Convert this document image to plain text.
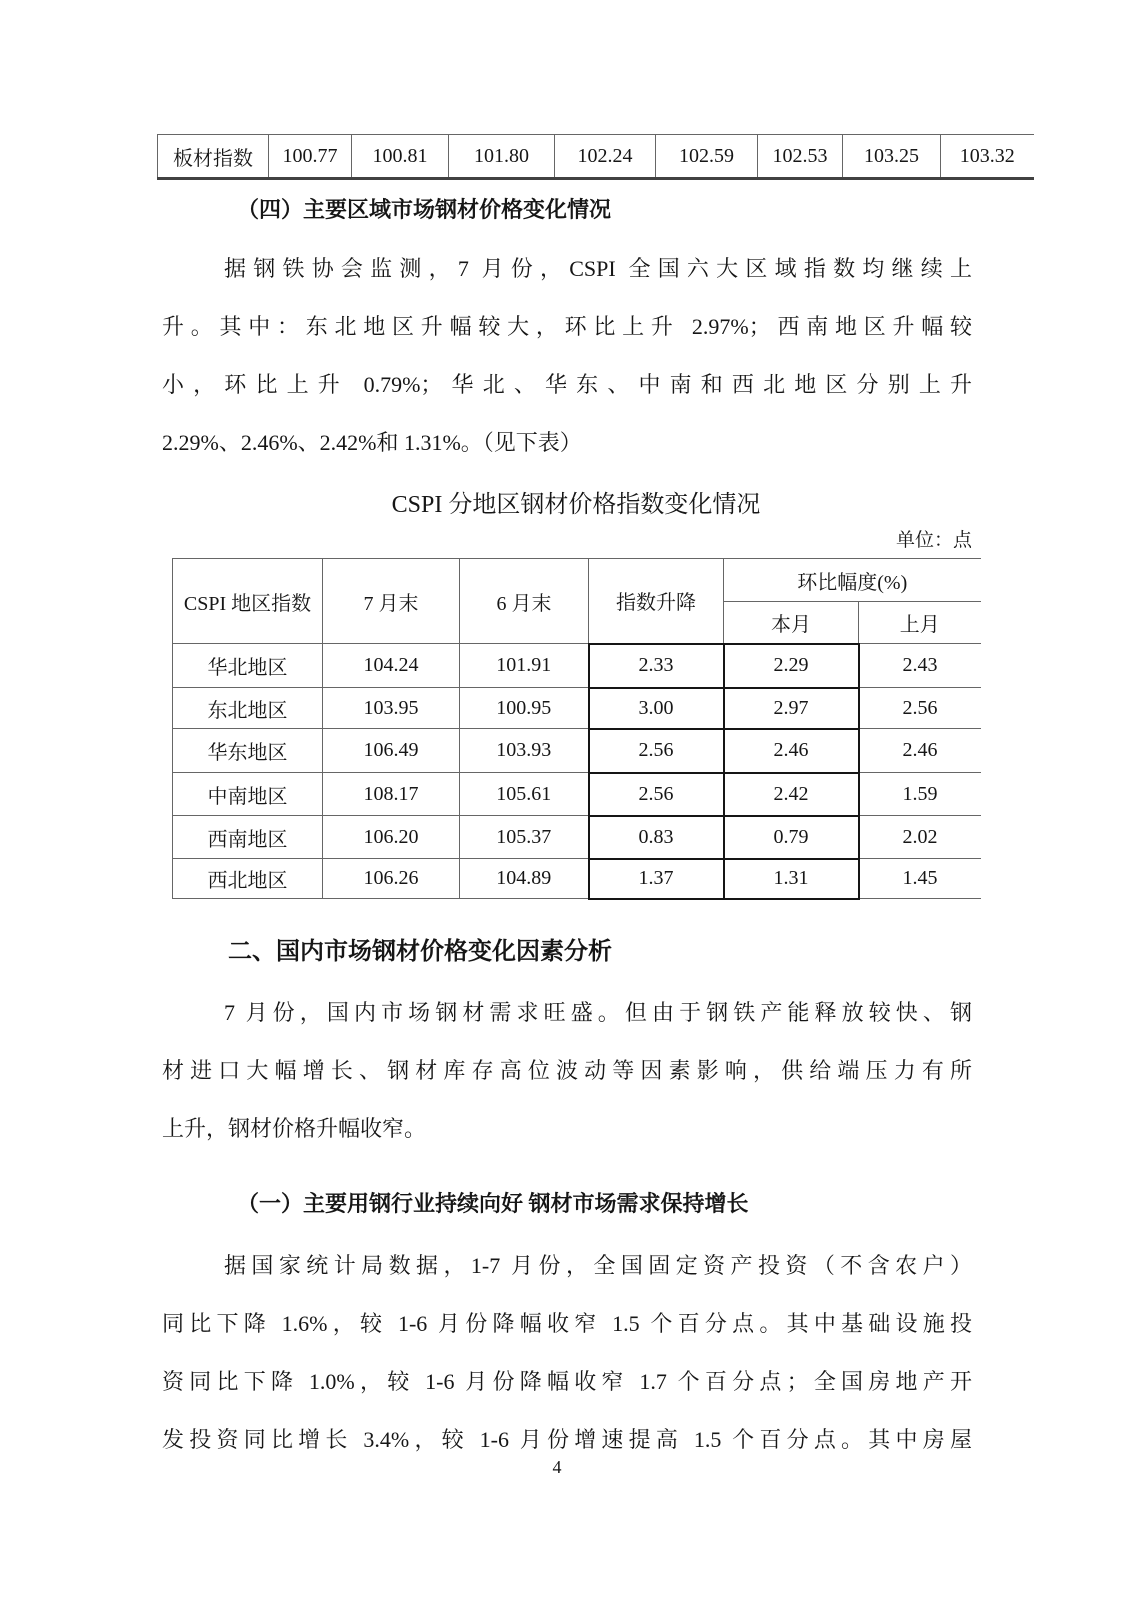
板材指数	100.77	100.81	101.80	102.24	102.59	102.53	103.25	103.32
（四）主要区域市场钢材价格变化情况
据钢铁协会监测，7 月份，CSPI 全国六大区域指数均继续上
升。其中：东北地区升幅较大，环比上升 2.97%；西南地区升幅较
小，环比上升 0.79%；华北、华东、中南和西北地区分别上升
2.29%、2.46%、2.42%和 1.31%。（见下表）
CSPI 分地区钢材价格指数变化情况
单位：点
CSPI 地区指数	7 月末	6 月末	指数升降	环比幅度(%)	
				本月	上月
华北地区	104.24	101.91	2.33	2.29	2.43
东北地区	103.95	100.95	3.00	2.97	2.56
华东地区	106.49	103.93	2.56	2.46	2.46
中南地区	108.17	105.61	2.56	2.42	1.59
西南地区	106.20	105.37	0.83	0.79	2.02
西北地区	106.26	104.89	1.37	1.31	1.45
二、国内市场钢材价格变化因素分析
7 月份，国内市场钢材需求旺盛。但由于钢铁产能释放较快、钢
材进口大幅增长、钢材库存高位波动等因素影响，供给端压力有所
上升，钢材价格升幅收窄。
（一）主要用钢行业持续向好 钢材市场需求保持增长
据国家统计局数据，1-7 月份，全国固定资产投资（不含农户）
同比下降 1.6%，较 1-6 月份降幅收窄 1.5 个百分点。其中基础设施投
资同比下降 1.0%，较 1-6 月份降幅收窄 1.7 个百分点；全国房地产开
发投资同比增长 3.4%，较 1-6 月份增速提高 1.5 个百分点。其中房屋
4
